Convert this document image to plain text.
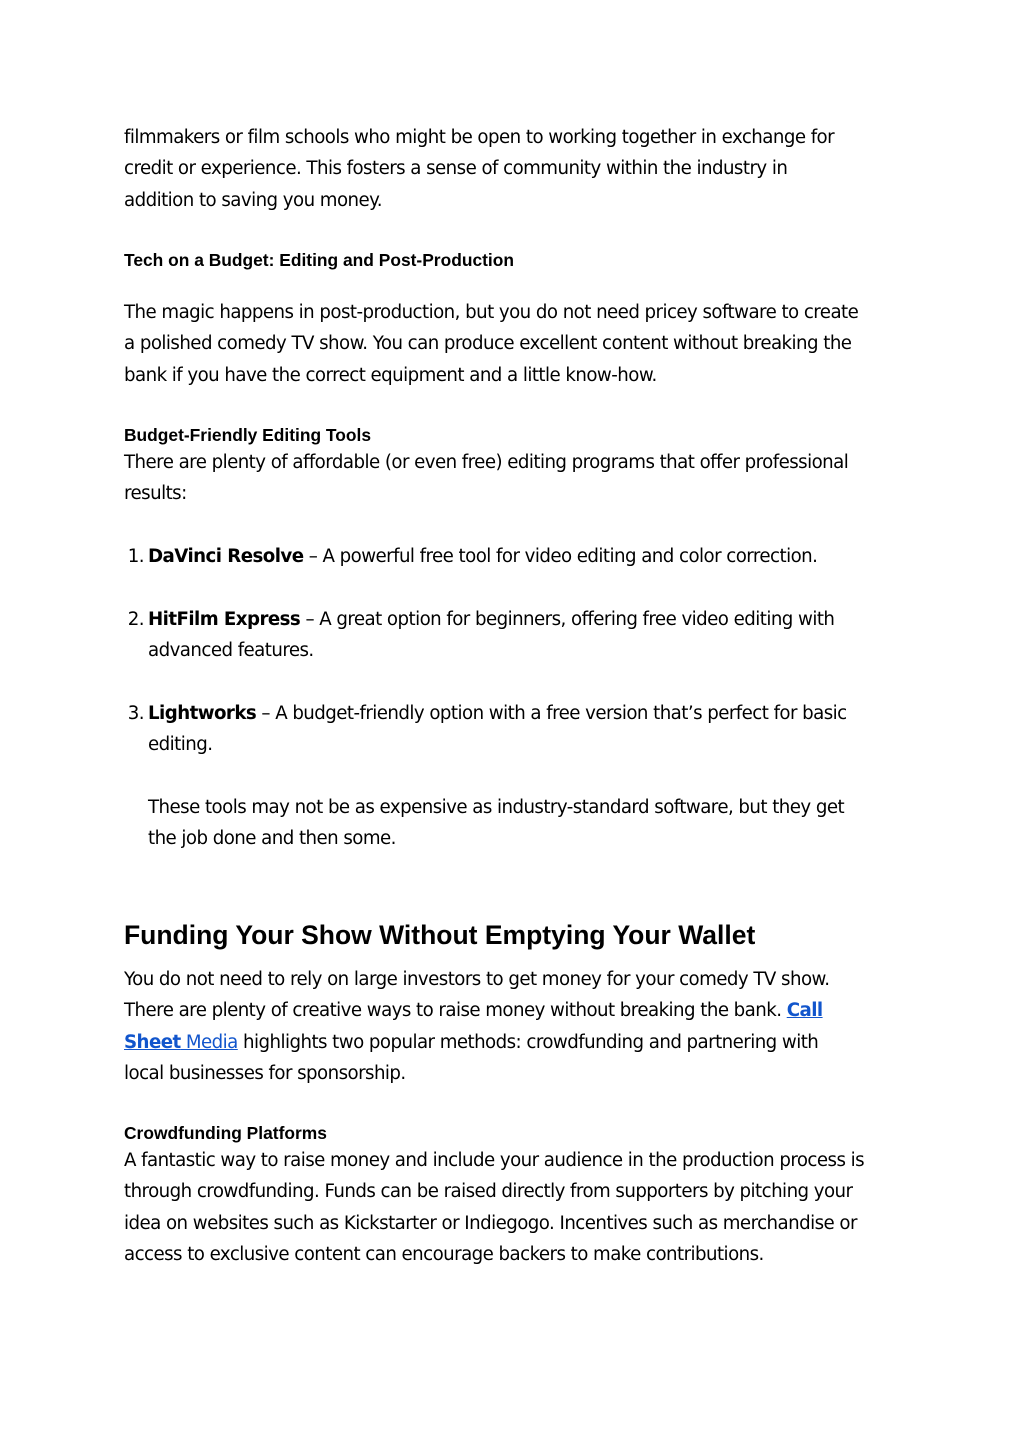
filmmakers or film schools who might be open to working together in exchange for
credit or experience. This fosters a sense of community within the industry in
addition to saving you money.

Tech on a Budget: Editing and Post-Production

The magic happens in post-production, but you do not need pricey software to create
a polished comedy TV show. You can produce excellent content without breaking the
bank if you have the correct equipment and a little know-how.

Budget-Friendly Editing Tools

There are plenty of affordable (or even free) editing programs that offer professional
results:

1. DaVinci Resolve – A powerful free tool for video editing and color correction.
2. HitFilm Express – A great option for beginners, offering free video editing with
advanced features.
3. Lightworks – A budget-friendly option with a free version that’s perfect for basic
editing.
These tools may not be as expensive as industry-standard software, but they get
the job done and then some.
Funding Your Show Without Emptying Your Wallet

You do not need to rely on large investors to get money for your comedy TV show.
There are plenty of creative ways to raise money without breaking the bank. Call
Sheet Media highlights two popular methods: crowdfunding and partnering with
local businesses for sponsorship.

Crowdfunding Platforms

A fantastic way to raise money and include your audience in the production process is
through crowdfunding. Funds can be raised directly from supporters by pitching your
idea on websites such as Kickstarter or Indiegogo. Incentives such as merchandise or
access to exclusive content can encourage backers to make contributions.
